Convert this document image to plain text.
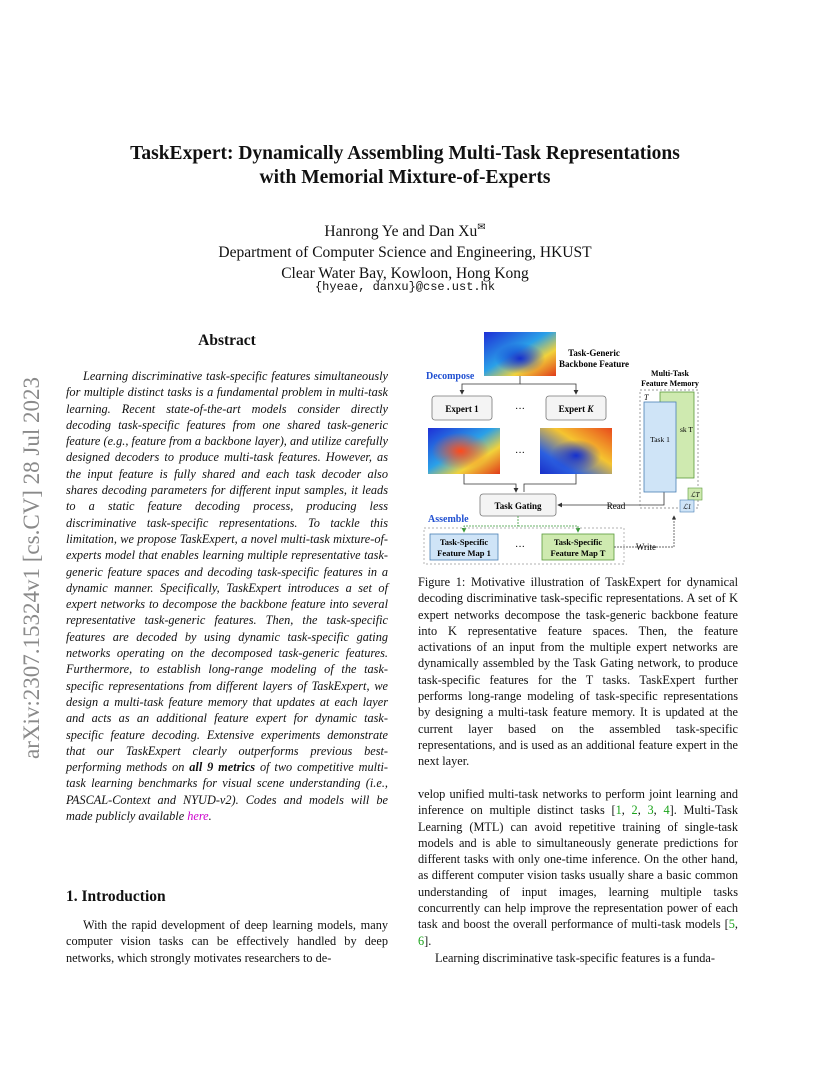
arXiv:2307.15324v1 [cs.CV] 28 Jul 2023
TaskExpert: Dynamically Assembling Multi-Task Representations
with Memorial Mixture-of-Experts
Hanrong Ye and Dan Xu✉
Department of Computer Science and Engineering, HKUST
Clear Water Bay, Kowloon, Hong Kong
{hyeae, danxu}@cse.ust.hk
Abstract
Learning discriminative task-specific features simultaneously for multiple distinct tasks is a fundamental problem in multi-task learning. Recent state-of-the-art models consider directly decoding task-specific features from one shared task-generic feature (e.g., feature from a backbone layer), and utilize carefully designed decoders to produce multi-task features. However, as the input feature is fully shared and each task decoder also shares decoding parameters for different input samples, it leads to a static feature decoding process, producing less discriminative task-specific representations. To tackle this limitation, we propose TaskExpert, a novel multi-task mixture-of-experts model that enables learning multiple representative task-generic feature spaces and decoding task-specific features in a dynamic manner. Specifically, TaskExpert introduces a set of expert networks to decompose the backbone feature into several representative task-generic features. Then, the task-specific features are decoded by using dynamic task-specific gating networks operating on the decomposed task-generic features. Furthermore, to establish long-range modeling of the task-specific representations from different layers of TaskExpert, we design a multi-task feature memory that updates at each layer and acts as an additional feature expert for dynamic task-specific feature decoding. Extensive experiments demonstrate that our TaskExpert clearly outperforms previous best-performing methods on all 9 metrics of two competitive multi-task learning benchmarks for visual scene understanding (i.e., PASCAL-Context and NYUD-v2). Codes and models will be made publicly available here.
1. Introduction
With the rapid development of deep learning models, many computer vision tasks can be effectively handled by deep networks, which strongly motivates researchers to de-
Task-Generic
Backbone Feature
Decompose
Expert 1	···	Expert K
···
Task Gating	Read
Assemble
Task-Specific
Feature Map 1 ···	Task-Specific
Feature Map T
Write
Multi-Task
Feature Memory
T
sk T
Task 1
ℒT
ℒ1
Figure 1: Motivative illustration of TaskExpert for dynamical decoding discriminative task-specific representations. A set of K expert networks decompose the task-generic backbone feature into K representative feature spaces. Then, the feature activations of an input from the multiple expert networks are dynamically assembled by the Task Gating network, to produce task-specific features for the T tasks. TaskExpert further performs long-range modeling of task-specific representations by designing a multi-task feature memory. It is updated at the current layer based on the assembled task-specific representations, and is used as an additional feature expert in the next layer.
velop unified multi-task networks to perform joint learning and inference on multiple distinct tasks [1, 2, 3, 4]. Multi-Task Learning (MTL) can avoid repetitive training of single-task models and is able to simultaneously generate predictions for different tasks with only one-time inference. On the other hand, as different computer vision tasks usually share a basic common understanding of input images, learning multiple tasks concurrently can help improve the representation power of each task and boost the overall performance of multi-task models [5, 6].
Learning discriminative task-specific features is a funda-
